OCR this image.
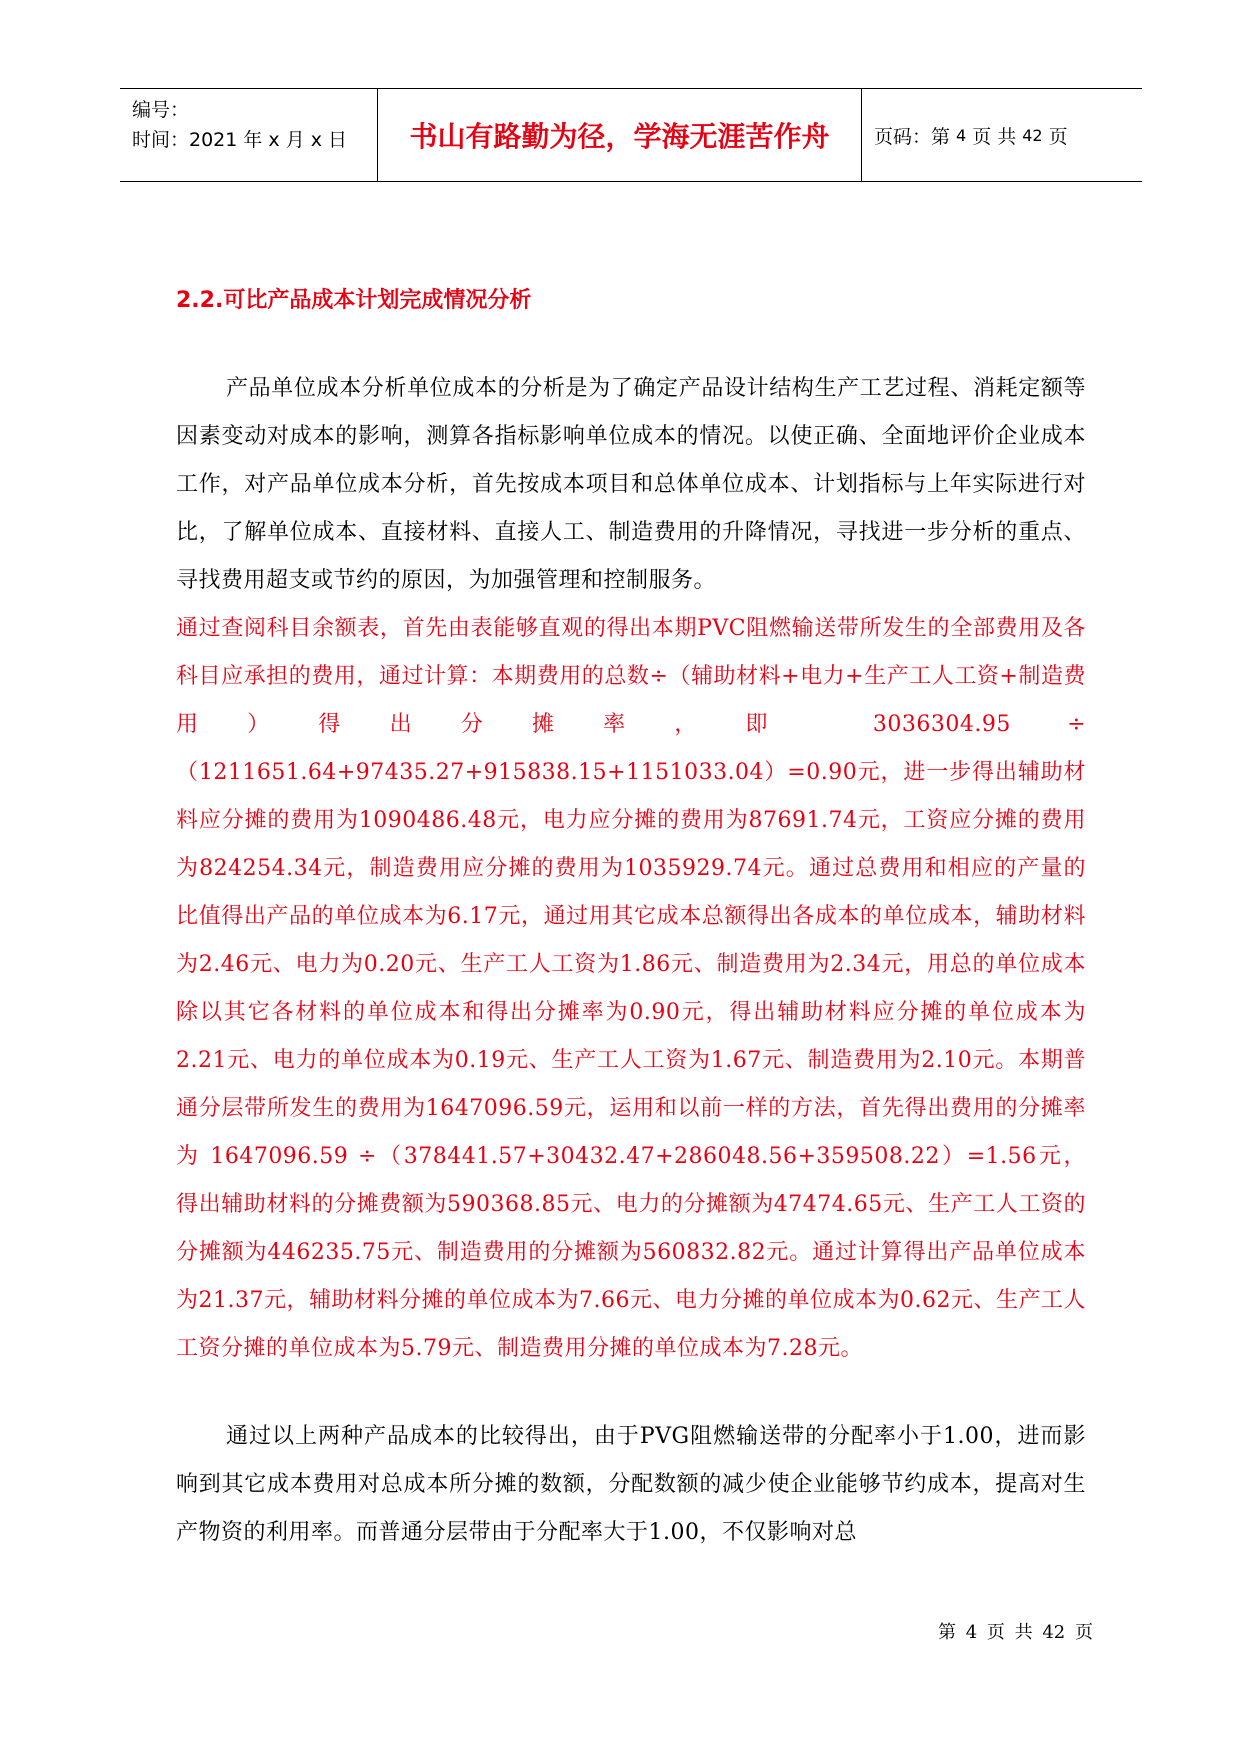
编号：
时间：2021 年 x 月 x 日	书山有路勤为径，学海无涯苦作舟	页码：第 4 页 共 42 页
2.2.可比产品成本计划完成情况分析
产品单位成本分析单位成本的分析是为了确定产品设计结构生产工艺过程、消耗定额等因素变动对成本的影响，测算各指标影响单位成本的情况。以使正确、全面地评价企业成本工作，对产品单位成本分析，首先按成本项目和总体单位成本、计划指标与上年实际进行对比，了解单位成本、直接材料、直接人工、制造费用的升降情况，寻找进一步分析的重点、寻找费用超支或节约的原因，为加强管理和控制服务。
通过查阅科目余额表，首先由表能够直观的得出本期PVC阻燃输送带所发生的全部费用及各科目应承担的费用，通过计算：本期费用的总数÷（辅助材料+电力+生产工人工资+制造费用）得出分摊率，即 3036304.95 ÷（1211651.64+97435.27+915838.15+1151033.04）=0.90元，进一步得出辅助材料应分摊的费用为1090486.48元，电力应分摊的费用为87691.74元，工资应分摊的费用为824254.34元，制造费用应分摊的费用为1035929.74元。通过总费用和相应的产量的比值得出产品的单位成本为6.17元，通过用其它成本总额得出各成本的单位成本，辅助材料为2.46元、电力为0.20元、生产工人工资为1.86元、制造费用为2.34元，用总的单位成本除以其它各材料的单位成本和得出分摊率为0.90元，得出辅助材料应分摊的单位成本为2.21元、电力的单位成本为0.19元、生产工人工资为1.67元、制造费用为2.10元。本期普通分层带所发生的费用为1647096.59元，运用和以前一样的方法，首先得出费用的分摊率为 1647096.59 ÷（378441.57+30432.47+286048.56+359508.22）=1.56元，得出辅助材料的分摊费额为590368.85元、电力的分摊额为47474.65元、生产工人工资的分摊额为446235.75元、制造费用的分摊额为560832.82元。通过计算得出产品单位成本为21.37元，辅助材料分摊的单位成本为7.66元、电力分摊的单位成本为0.62元、生产工人工资分摊的单位成本为5.79元、制造费用分摊的单位成本为7.28元。
通过以上两种产品成本的比较得出，由于PVG阻燃输送带的分配率小于1.00，进而影响到其它成本费用对总成本所分摊的数额，分配数额的减少使企业能够节约成本，提高对生产物资的利用率。而普通分层带由于分配率大于1.00，不仅影响对总
第 4 页 共 42 页
